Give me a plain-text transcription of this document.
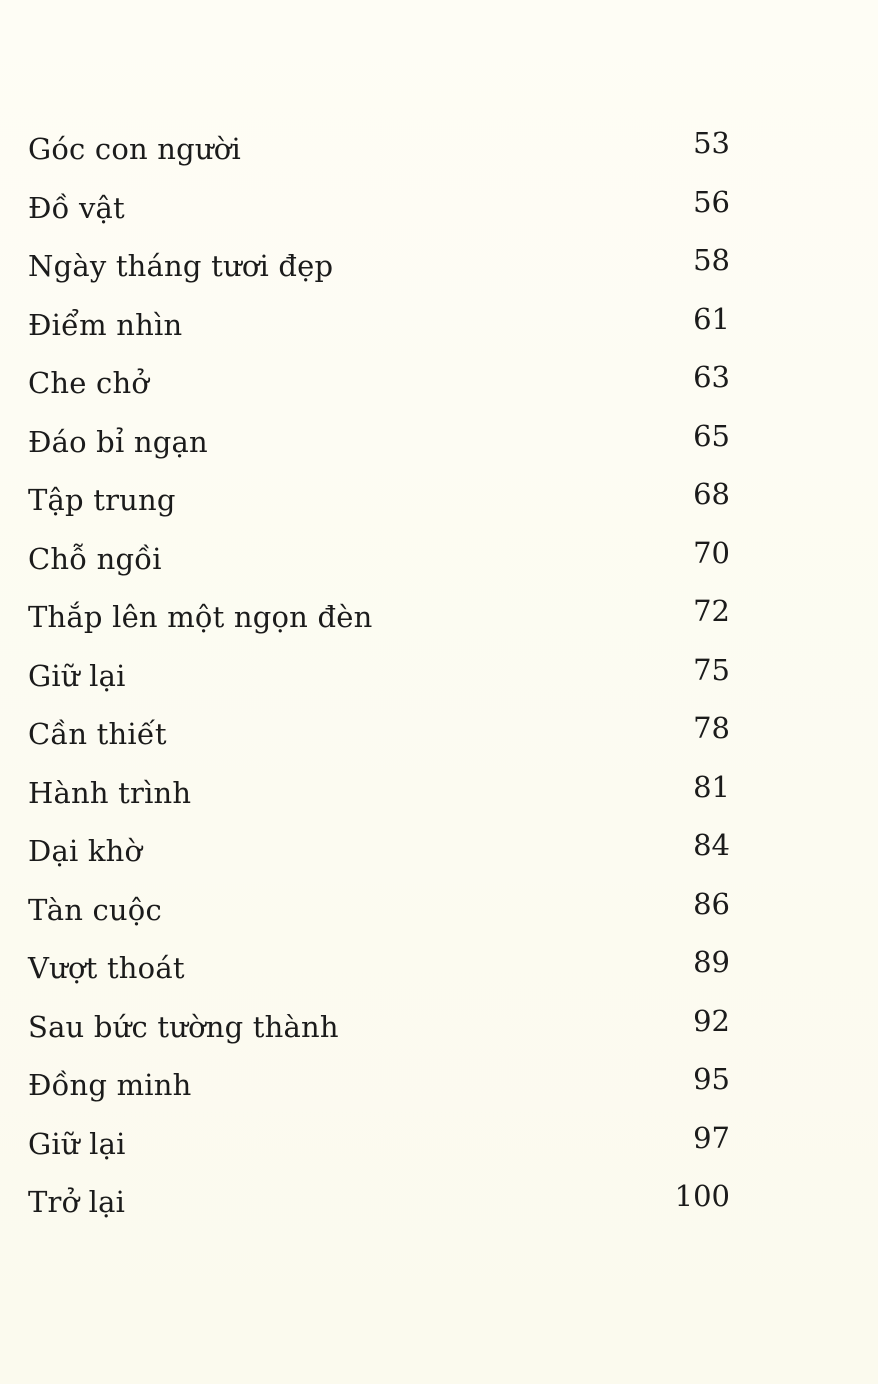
Góc con người	53
Đồ vật	56
Ngày tháng tươi đẹp	58
Điểm nhìn	61
Che chở	63
Đáo bỉ ngạn	65
Tập trung	68
Chỗ ngồi	70
Thắp lên một ngọn đèn	72
Giữ lại	75
Cần thiết	78
Hành trình	81
Dại khờ	84
Tàn cuộc	86
Vượt thoát	89
Sau bức tường thành	92
Đồng minh	95
Giữ lại	97
Trở lại	100
